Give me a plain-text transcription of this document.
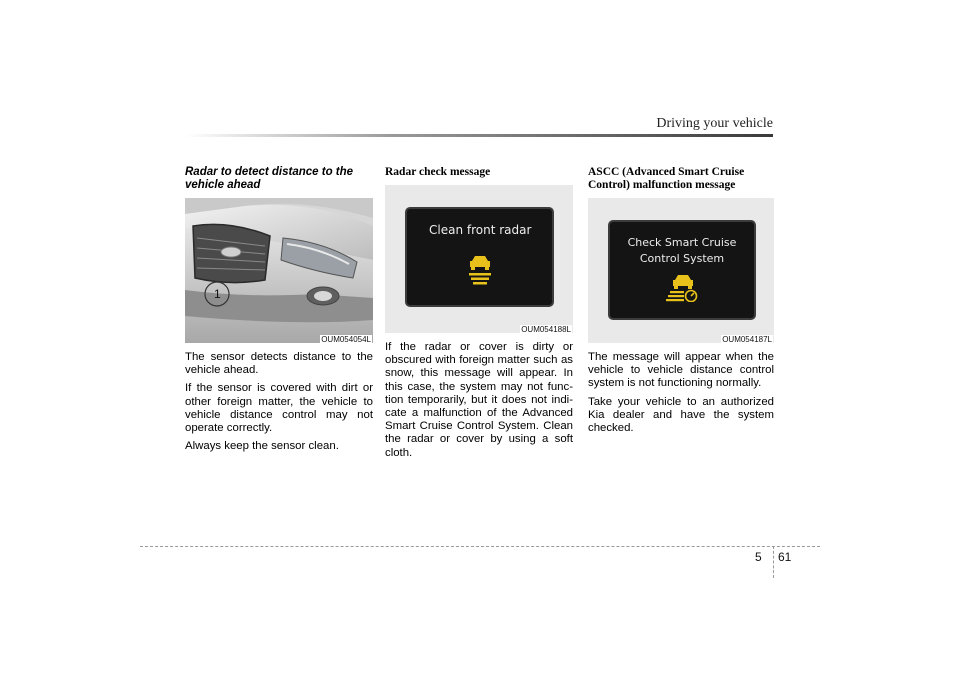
Driving your vehicle
Radar to detect distance to the vehicle ahead
1
OUM054054L

The sensor detects distance to the vehicle ahead.

If the sensor is covered with dirt or other foreign matter, the vehicle to vehicle distance control may not operate correctly.

Always keep the sensor clean.

Radar check message
Clean front radar
OUM054188L

If the radar or cover is dirty or obscured with foreign matter such as snow, this message will appear. In this case, the system may not func-tion temporarily, but it does not indi-cate a malfunction of the Advanced Smart Cruise Control System. Clean the radar or cover by using a soft cloth.

ASCC (Advanced Smart Cruise Control) malfunction message
Check Smart Cruise
Control System
OUM054187L

The message will appear when the vehicle to vehicle distance control system is not functioning normally.

Take your vehicle to an authorized Kia dealer and have the system checked.

5 61
